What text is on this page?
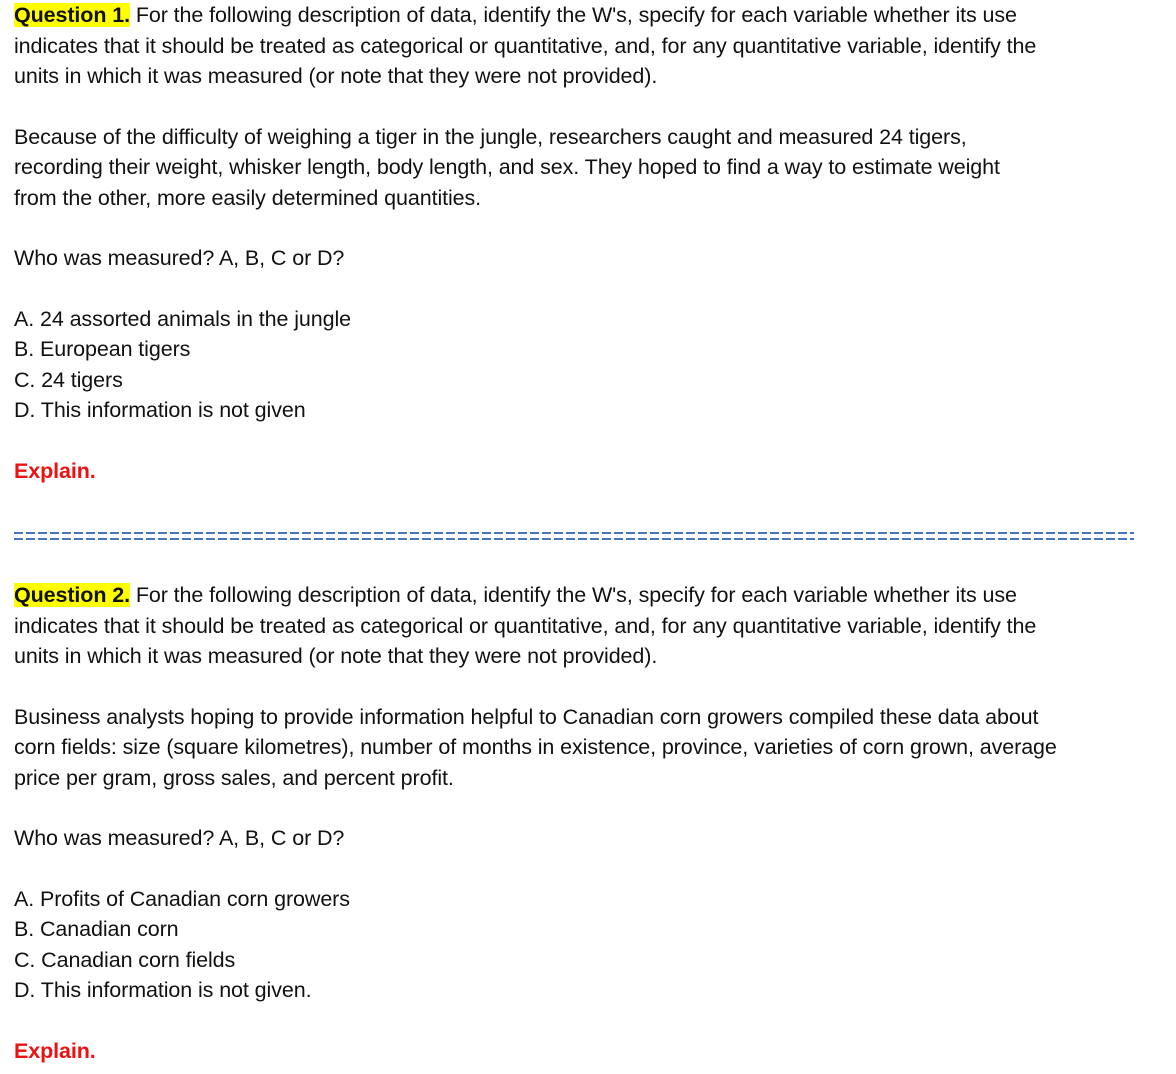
Question 1. For the following description of data, identify the W's, specify for each variable whether its use
indicates that it should be treated as categorical or quantitative, and, for any quantitative variable, identify the
units in which it was measured (or note that they were not provided).
Because of the difficulty of weighing a tiger in the jungle, researchers caught and measured 24 tigers,
recording their weight, whisker length, body length, and sex. They hoped to find a way to estimate weight
from the other, more easily determined quantities.
Who was measured? A, B, C or D?
A. 24 assorted animals in the jungle
B. European tigers
C. 24 tigers
D. This information is not given
Explain.
Question 2. For the following description of data, identify the W's, specify for each variable whether its use
indicates that it should be treated as categorical or quantitative, and, for any quantitative variable, identify the
units in which it was measured (or note that they were not provided).
Business analysts hoping to provide information helpful to Canadian corn growers compiled these data about
corn fields: size (square kilometres), number of months in existence, province, varieties of corn grown, average
price per gram, gross sales, and percent profit.
Who was measured? A, B, C or D?
A. Profits of Canadian corn growers
B. Canadian corn
C. Canadian corn fields
D. This information is not given.
Explain.
